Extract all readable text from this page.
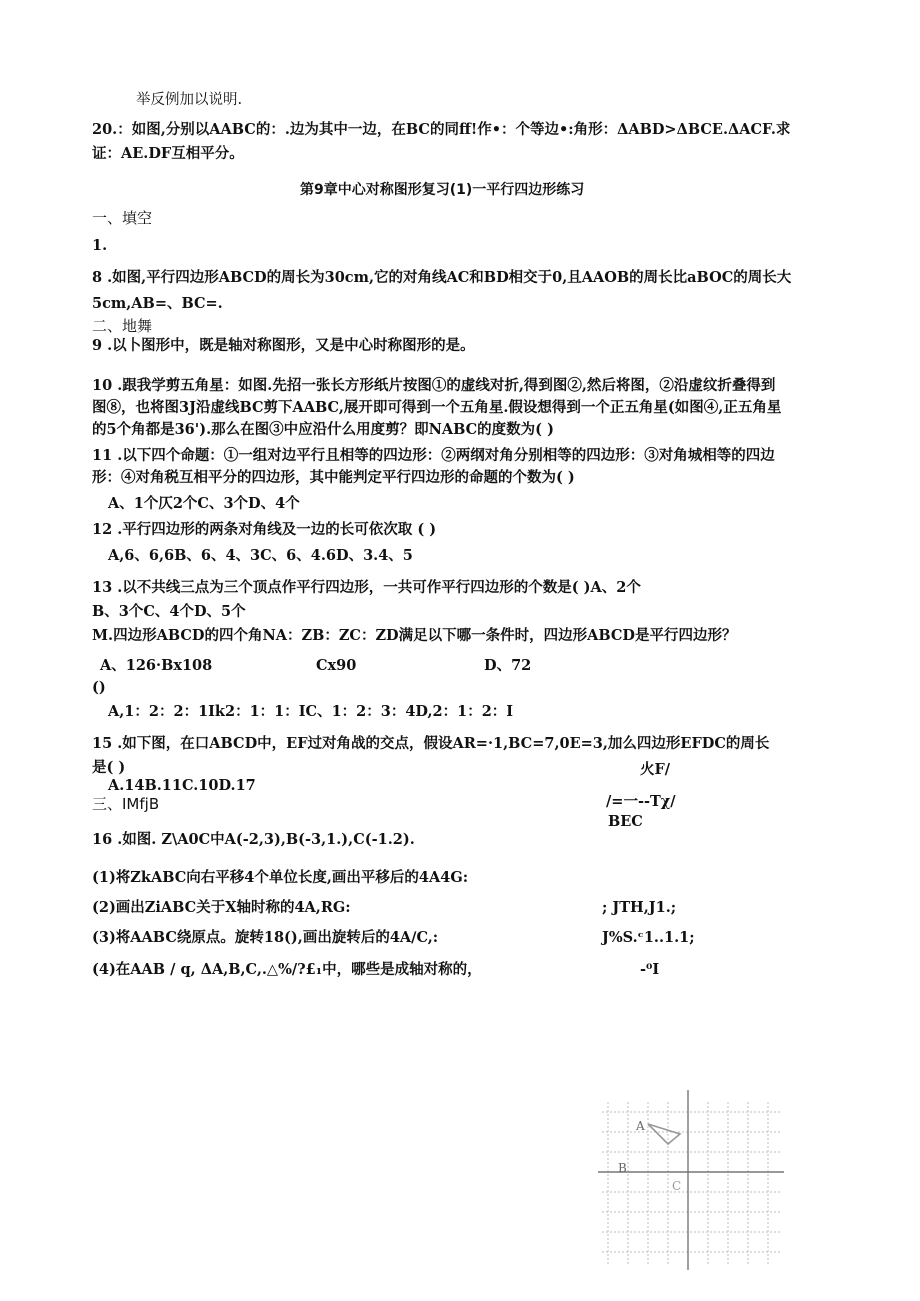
举反例加以说明.
20.：如图,分别以AABC的：.边为其中一边，在BC的同ff!作•：个等边•:角形：ΔABD>ΔBCE.ΔACF.求
证：AE.DF互相平分。
第9章中心对称图形复习(1)一平行四边形练习
一、填空
1.
8 .如图,平行四边形ABCD的周长为30cm,它的对角线AC和BD相交于0,且AAOB的周长比aBOC的周长大
5cm,AB=、BC=.
二、地舞
9 .以卜图形中，既是轴对称图形，又是中心时称图形的是。
10 .跟我学剪五角星：如图.先招一张长方形纸片按图①的虚线对折,得到图②,然后将图，②沿虚纹折叠得到
图⑧，也将图3J沿虚线BC剪下AABC,展开即可得到一个五角星.假设想得到一个正五角星(如图④,正五角星
的5个角都是36').那么在图③中应沿什么用度剪？即NABC的度数为( )
11 .以下四个命题：①一组对边平行且相等的四边形：②两纲对角分别相等的四边形：③对角城相等的四边
形：④对角税互相平分的四边形，其中能判定平行四边形的命题的个数为( )
A、1个仄2个C、3个D、4个
12 .平行四边形的两条对角线及一边的长可依次取 ( )
A,6、6,6B、6、4、3C、6、4.6D、3.4、5
13 .以不共线三点为三个顶点作平行四边形，一共可作平行四边形的个数是( )A、2个
B、3个C、4个D、5个
M.四边形ABCD的四个角NA：ZB：ZC：ZD满足以下哪一条件时，四边形ABCD是平行四边形？
A、126·Bx108	Cx90	D、72
()
A,1：2：2：1Ik2：1：1：IC、1：2：3：4D,2：1：2：I
15 .如下图，在口ABCD中，EF过对角战的交点，假设AR=·1,BC=7,0E=3,加么四边形EFDC的周长
是( )
A.14B.11C.10D.17
火F/
/=一--Tχ/
BEC
三、IMfjB
16 .如图. Z\A0C中A(-2,3),B(-3,1.),C(-1.2).
(1)将ZkABC向右平移4个单位长度,画出平移后的4A4G:
(2)画出ZiABC关于X轴时称的4A,RG:	; JTH,J1.;
(3)将AABC绕原点。旋转18(),画出旋转后的4A∕C,:	J%S.ᶜ1..1.1;
(4)在AAB / q, ΔA,B,C,.△%/?£₁中，哪些是成轴对称的，	-⁰I
A
B
C
